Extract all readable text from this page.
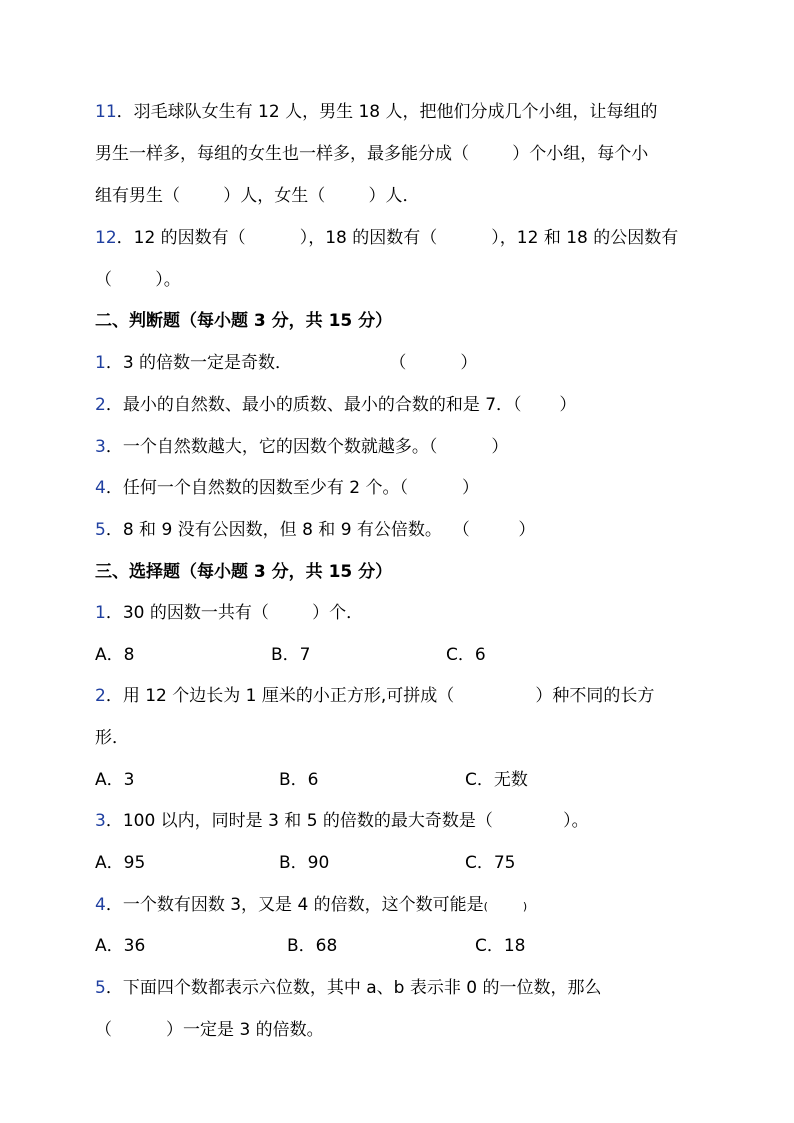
11．羽毛球队女生有 12 人，男生 18 人，把他们分成几个小组，让每组的
男生一样多，每组的女生也一样多，最多能分成（        ）个小组，每个小
组有男生（        ）人，女生（        ）人．
12．12 的因数有（          ），18 的因数有（          ），12 和 18 的公因数有
（        ）。
二、判断题（每小题 3 分，共 15 分）
1．3 的倍数一定是奇数．                  （          ）
2．最小的自然数、最小的质数、最小的合数的和是 7．（       ）
3．一个自然数越大，它的因数个数就越多。（          ）
4．任何一个自然数的因数至少有 2 个。（          ）
5．8 和 9 没有公因数，但 8 和 9 有公倍数。  （         ）
三、选择题（每小题 3 分，共 15 分）
1．30 的因数一共有（        ）个．

A．8

	B．7

	C．6

2．用 12 个边长为 1 厘米的小正方形,可拼成（               ）种不同的长方
形．

A．3

	B．6

	C．无数

3．100 以内，同时是 3 和 5 的倍数的最大奇数是（             ）。

A．95

	B．90

	C．75

4．一个数有因数 3，又是 4 的倍数，这个数可能是(          )

A．36

	B．68

	C．18

5．下面四个数都表示六位数，其中 a、b 表示非 0 的一位数，那么
（          ）一定是 3 的倍数。
